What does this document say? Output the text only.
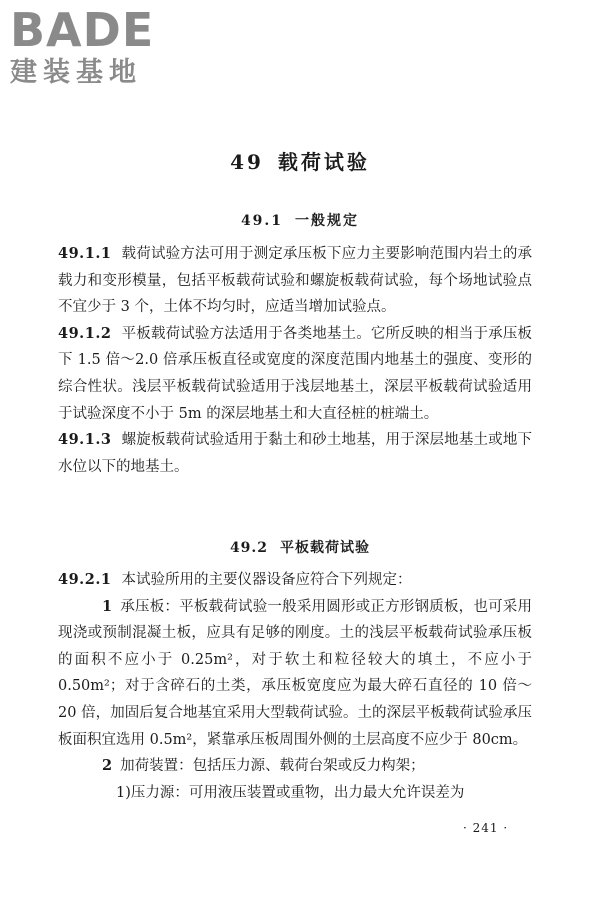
BADE
建装基地
49 载荷试验
49.1 一般规定

49.1.1 载荷试验方法可用于测定承压板下应力主要影响范围内岩土的承载力和变形模量，包括平板载荷试验和螺旋板载荷试验，每个场地试验点不宜少于 3 个，土体不均匀时，应适当增加试验点。

49.1.2 平板载荷试验方法适用于各类地基土。它所反映的相当于承压板下 1.5 倍～2.0 倍承压板直径或宽度的深度范围内地基土的强度、变形的综合性状。浅层平板载荷试验适用于浅层地基土，深层平板载荷试验适用于试验深度不小于 5m 的深层地基土和大直径桩的桩端土。

49.1.3 螺旋板载荷试验适用于黏土和砂土地基，用于深层地基土或地下水位以下的地基土。

49.2 平板载荷试验

49.2.1 本试验所用的主要仪器设备应符合下列规定：

1 承压板：平板载荷试验一般采用圆形或正方形钢质板，也可采用现浇或预制混凝土板，应具有足够的刚度。土的浅层平板载荷试验承压板的面积不应小于 0.25m²，对于软土和粒径较大的填土，不应小于 0.50m²；对于含碎石的土类，承压板宽度应为最大碎石直径的 10 倍～20 倍，加固后复合地基宜采用大型载荷试验。土的深层平板载荷试验承压板面积宜选用 0.5m²，紧靠承压板周围外侧的土层高度不应少于 80cm。

2 加荷装置：包括压力源、载荷台架或反力构架；

1)压力源：可用液压装置或重物，出力最大允许误差为

· 241 ·
